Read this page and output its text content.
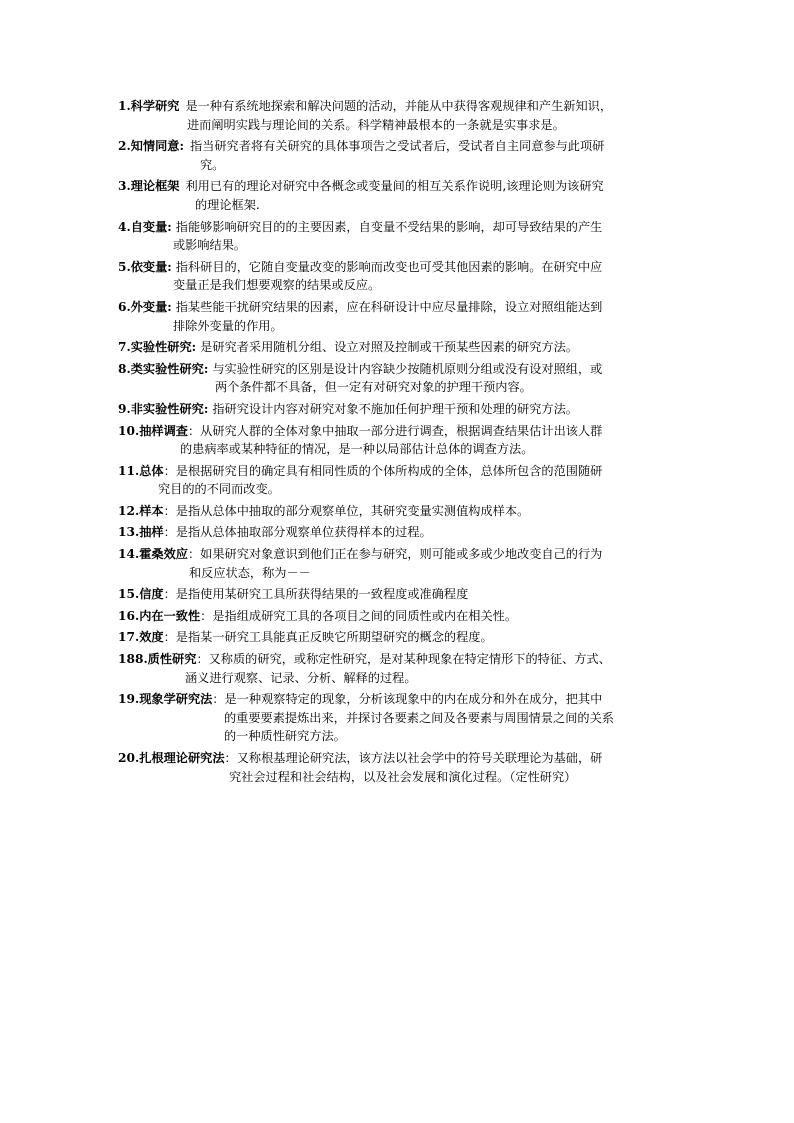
1.科学研究 是一种有系统地探索和解决问题的活动，并能从中获得客观规律和产生新知识，
进而阐明实践与理论间的关系。科学精神最根本的一条就是实事求是。
2.知情同意: 指当研究者将有关研究的具体事项告之受试者后，受试者自主同意参与此项研
究。
3.理论框架 利用已有的理论对研究中各概念或变量间的相互关系作说明,该理论则为该研究
的理论框架.
4.自变量: 指能够影响研究目的的主要因素，自变量不受结果的影响，却可导致结果的产生
或影响结果。
5.依变量: 指科研目的，它随自变量改变的影响而改变也可受其他因素的影响。在研究中应
变量正是我们想要观察的结果或反应。
6.外变量: 指某些能干扰研究结果的因素，应在科研设计中应尽量排除，设立对照组能达到
排除外变量的作用。
7.实验性研究: 是研究者采用随机分组、设立对照及控制或干预某些因素的研究方法。
8.类实验性研究: 与实验性研究的区别是设计内容缺少按随机原则分组或没有设对照组，或
两个条件都不具备，但一定有对研究对象的护理干预内容。
9.非实验性研究: 指研究设计内容对研究对象不施加任何护理干预和处理的研究方法。
10.抽样调查：从研究人群的全体对象中抽取一部分进行调查，根据调查结果估计出该人群
的患病率或某种特征的情况，是一种以局部估计总体的调查方法。
11.总体：是根据研究目的确定具有相同性质的个体所构成的全体，总体所包含的范围随研
究目的的不同而改变。
12.样本：是指从总体中抽取的部分观察单位，其研究变量实测值构成样本。
13.抽样：是指从总体抽取部分观察单位获得样本的过程。
14.霍桑效应：如果研究对象意识到他们正在参与研究，则可能或多或少地改变自己的行为
和反应状态，称为－－
15.信度：是指使用某研究工具所获得结果的一致程度或准确程度
16.内在一致性：是指组成研究工具的各项目之间的同质性或内在相关性。
17.效度：是指某一研究工具能真正反映它所期望研究的概念的程度。
188.质性研究：又称质的研究，或称定性研究，是对某种现象在特定情形下的特征、方式、
涵义进行观察、记录、分析、解释的过程。
19.现象学研究法：是一种观察特定的现象，分析该现象中的内在成分和外在成分，把其中
的重要要素提炼出来，并探讨各要素之间及各要素与周围情景之间的关系
的一种质性研究方法。
20.扎根理论研究法：又称根基理论研究法，该方法以社会学中的符号关联理论为基础，研
究社会过程和社会结构，以及社会发展和演化过程。（定性研究）
